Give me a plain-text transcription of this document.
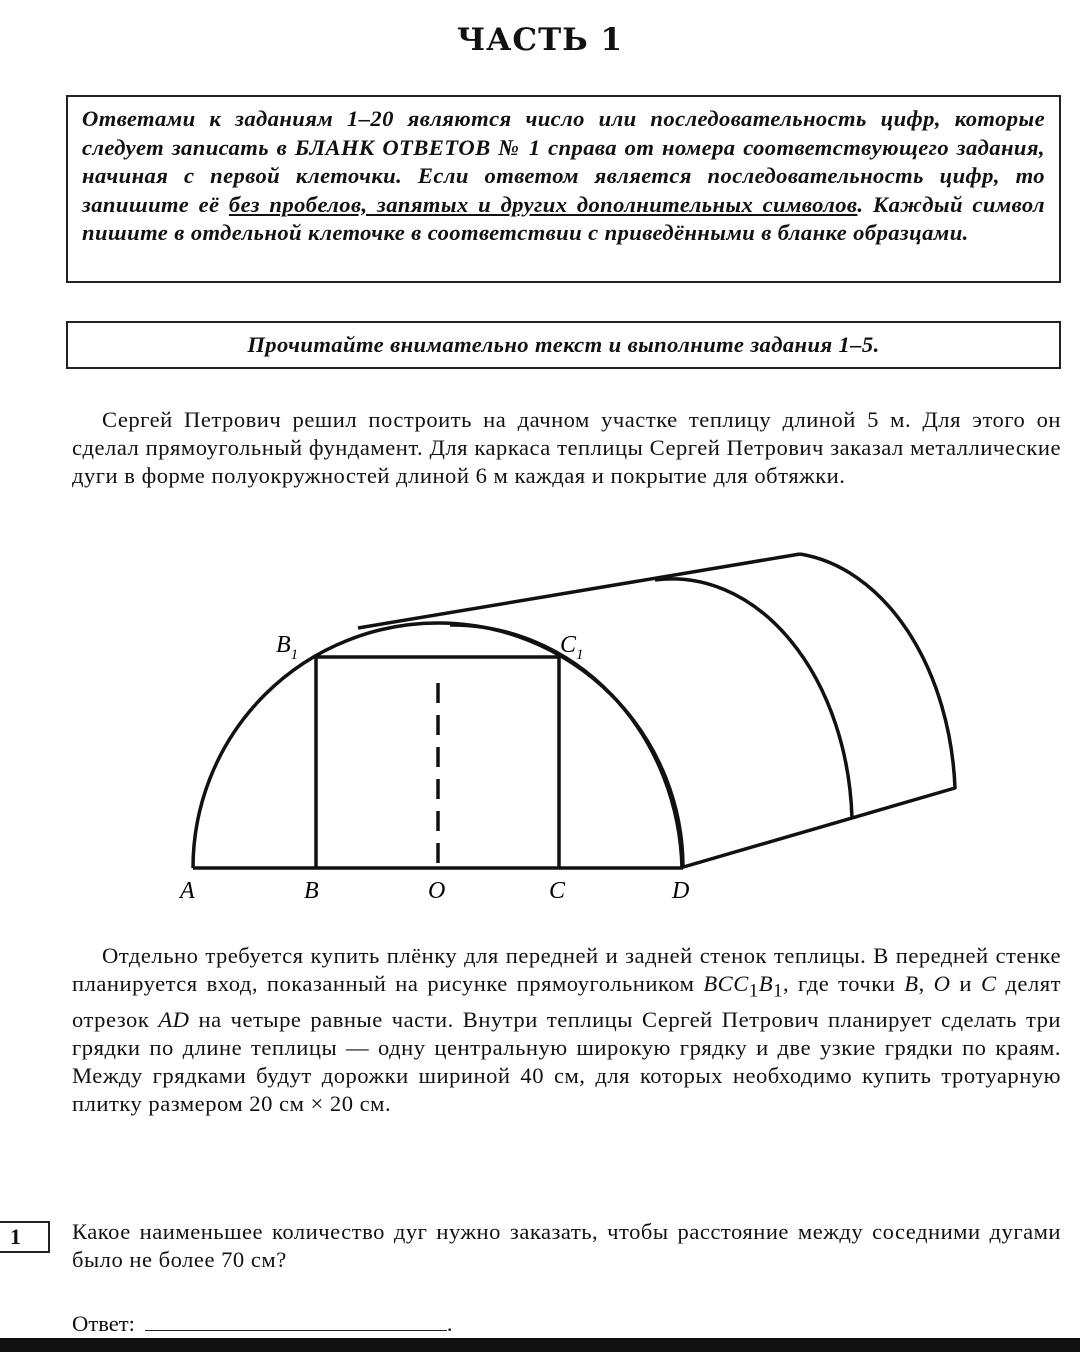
ЧАСТЬ 1
Ответами к заданиям 1–20 являются число или последовательность цифр, которые следует записать в БЛАНК ОТВЕТОВ № 1 справа от номера соответствующего задания, начиная с первой клеточки. Если ответом является последовательность цифр, то запишите её без пробелов, запятых и других дополнительных символов. Каждый символ пишите в отдельной клеточке в соответствии с приведёнными в бланке образцами.
Прочитайте внимательно текст и выполните задания 1–5.
Сергей Петрович решил построить на дачном участке теплицу длиной 5 м. Для этого он сделал прямоугольный фундамент. Для каркаса теплицы Сергей Петрович заказал металлические дуги в форме полуокружностей длиной 6 м каждая и покрытие для обтяжки.
$B_1$	$C_1$
A	B	O	C	D
Отдельно требуется купить плёнку для передней и задней стенок теплицы. В передней стенке планируется вход, показанный на рисунке прямоугольником $BCC_1B_1$, где точки B, O и C делят отрезок AD на четыре равные части. Внутри теплицы Сергей Петрович планирует сделать три грядки по длине теплицы — одну центральную широкую грядку и две узкие грядки по краям. Между грядками будут дорожки шириной 40 см, для которых необходимо купить тротуарную плитку размером 20 см × 20 см.
1	Какое наименьшее количество дуг нужно заказать, чтобы расстояние между соседними дугами было не более 70 см?
Ответ:	.
